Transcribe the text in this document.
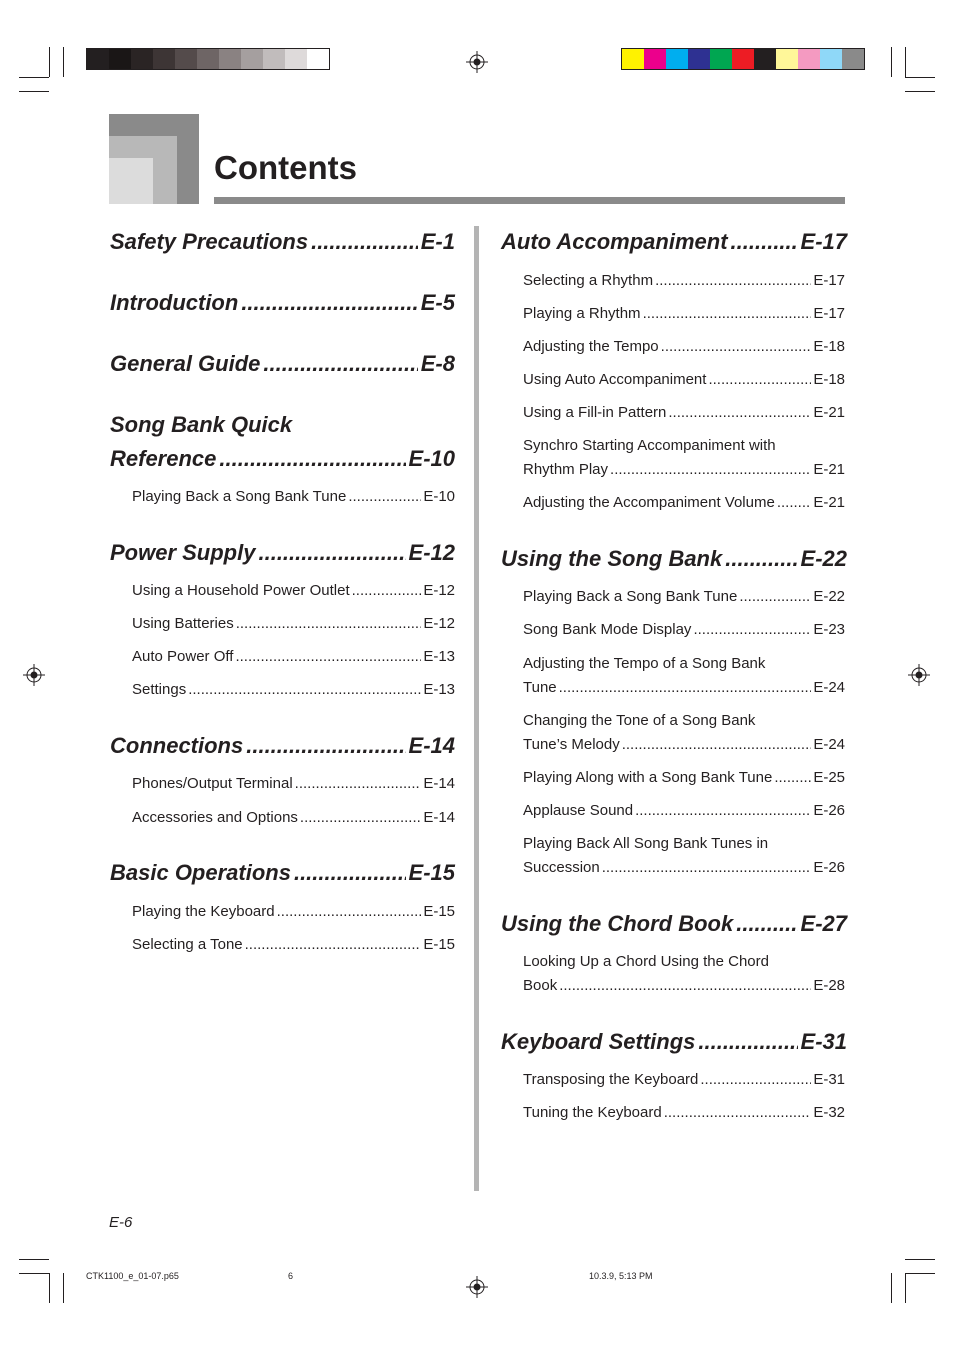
Contents
Safety Precautions .....	E-1
Introduction .....	E-5
General Guide .....	E-8
Song Bank Quick
Reference .....	E-10
Playing Back a Song Bank Tune .....	E-10
Power Supply .....	E-12
Using a Household Power Outlet .....	E-12
Using Batteries .....	E-12
Auto Power Off .....	E-13
Settings .....	E-13
Connections .....	E-14
Phones/Output Terminal .....	E-14
Accessories and Options .....	E-14
Basic Operations .....	E-15
Playing the Keyboard .....	E-15
Selecting a Tone .....	E-15
Auto Accompaniment .....	E-17
Selecting a Rhythm .....	E-17
Playing a Rhythm .....	E-17
Adjusting the Tempo .....	E-18
Using Auto Accompaniment .....	E-18
Using a Fill-in Pattern .....	E-21
Synchro Starting Accompaniment with
Rhythm Play .....	E-21
Adjusting the Accompaniment Volume .....	E-21
Using the Song Bank .....	E-22
Playing Back a Song Bank Tune .....	E-22
Song Bank Mode Display .....	E-23
Adjusting the Tempo of a Song Bank
Tune .....	E-24
Changing the Tone of a Song Bank
Tune’s Melody .....	E-24
Playing Along with a Song Bank Tune .....	E-25
Applause Sound .....	E-26
Playing Back All Song Bank Tunes in
Succession .....	E-26
Using the Chord Book .....	E-27
Looking Up a Chord Using the Chord
Book .....	E-28
Keyboard Settings .....	E-31
Transposing the Keyboard .....	E-31
Tuning the Keyboard .....	E-32
E-6
CTK1100_e_01-07.p65	6	10.3.9, 5:13 PM
